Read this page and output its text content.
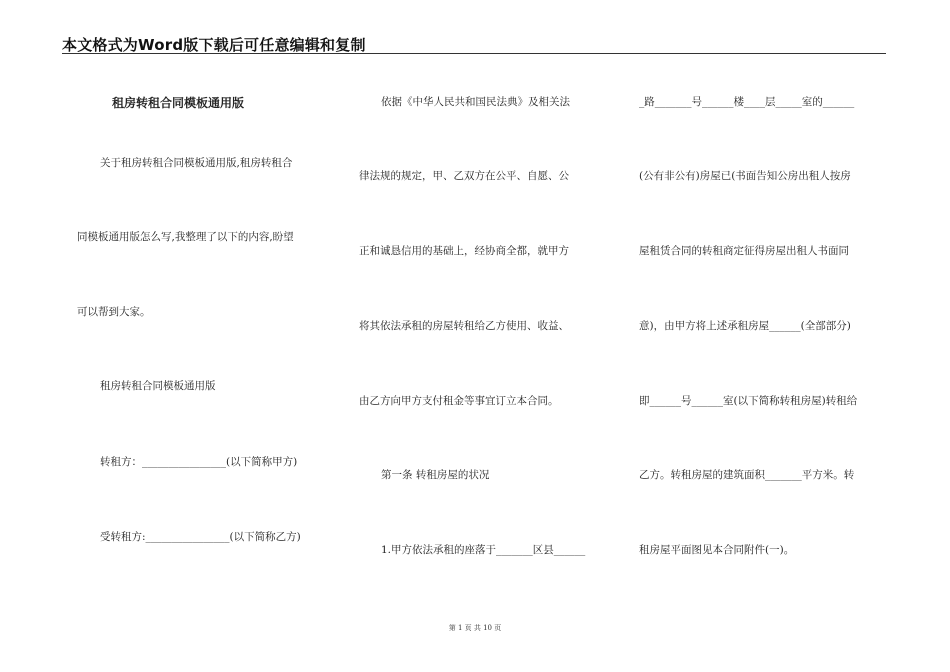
本文格式为Word版下载后可任意编辑和复制
租房转租合同模板通用版
关于租房转租合同模板通用版,租房转租合
同模板通用版怎么写,我整理了以下的内容,盼望
可以帮到大家。
租房转租合同模板通用版
转租方：________________(以下简称甲方)
受转租方:________________(以下简称乙方)
依据《中华人民共和国民法典》及相关法
律法规的规定，甲、乙双方在公平、自愿、公
正和诚恳信用的基础上，经协商全都，就甲方
将其依法承租的房屋转租给乙方使用、收益、
由乙方向甲方支付租金等事宜订立本合同。
第一条 转租房屋的状况
1.甲方依法承租的座落于_______区县______
_路_______号______楼____层_____室的______
(公有非公有)房屋已(书面告知公房出租人按房
屋租赁合同的转租商定征得房屋出租人书面同
意)，由甲方将上述承租房屋______(全部部分)
即______号______室(以下简称转租房屋)转租给
乙方。转租房屋的建筑面积_______平方米。转
租房屋平面图见本合同附件(一)。
第 1 页 共 10 页
